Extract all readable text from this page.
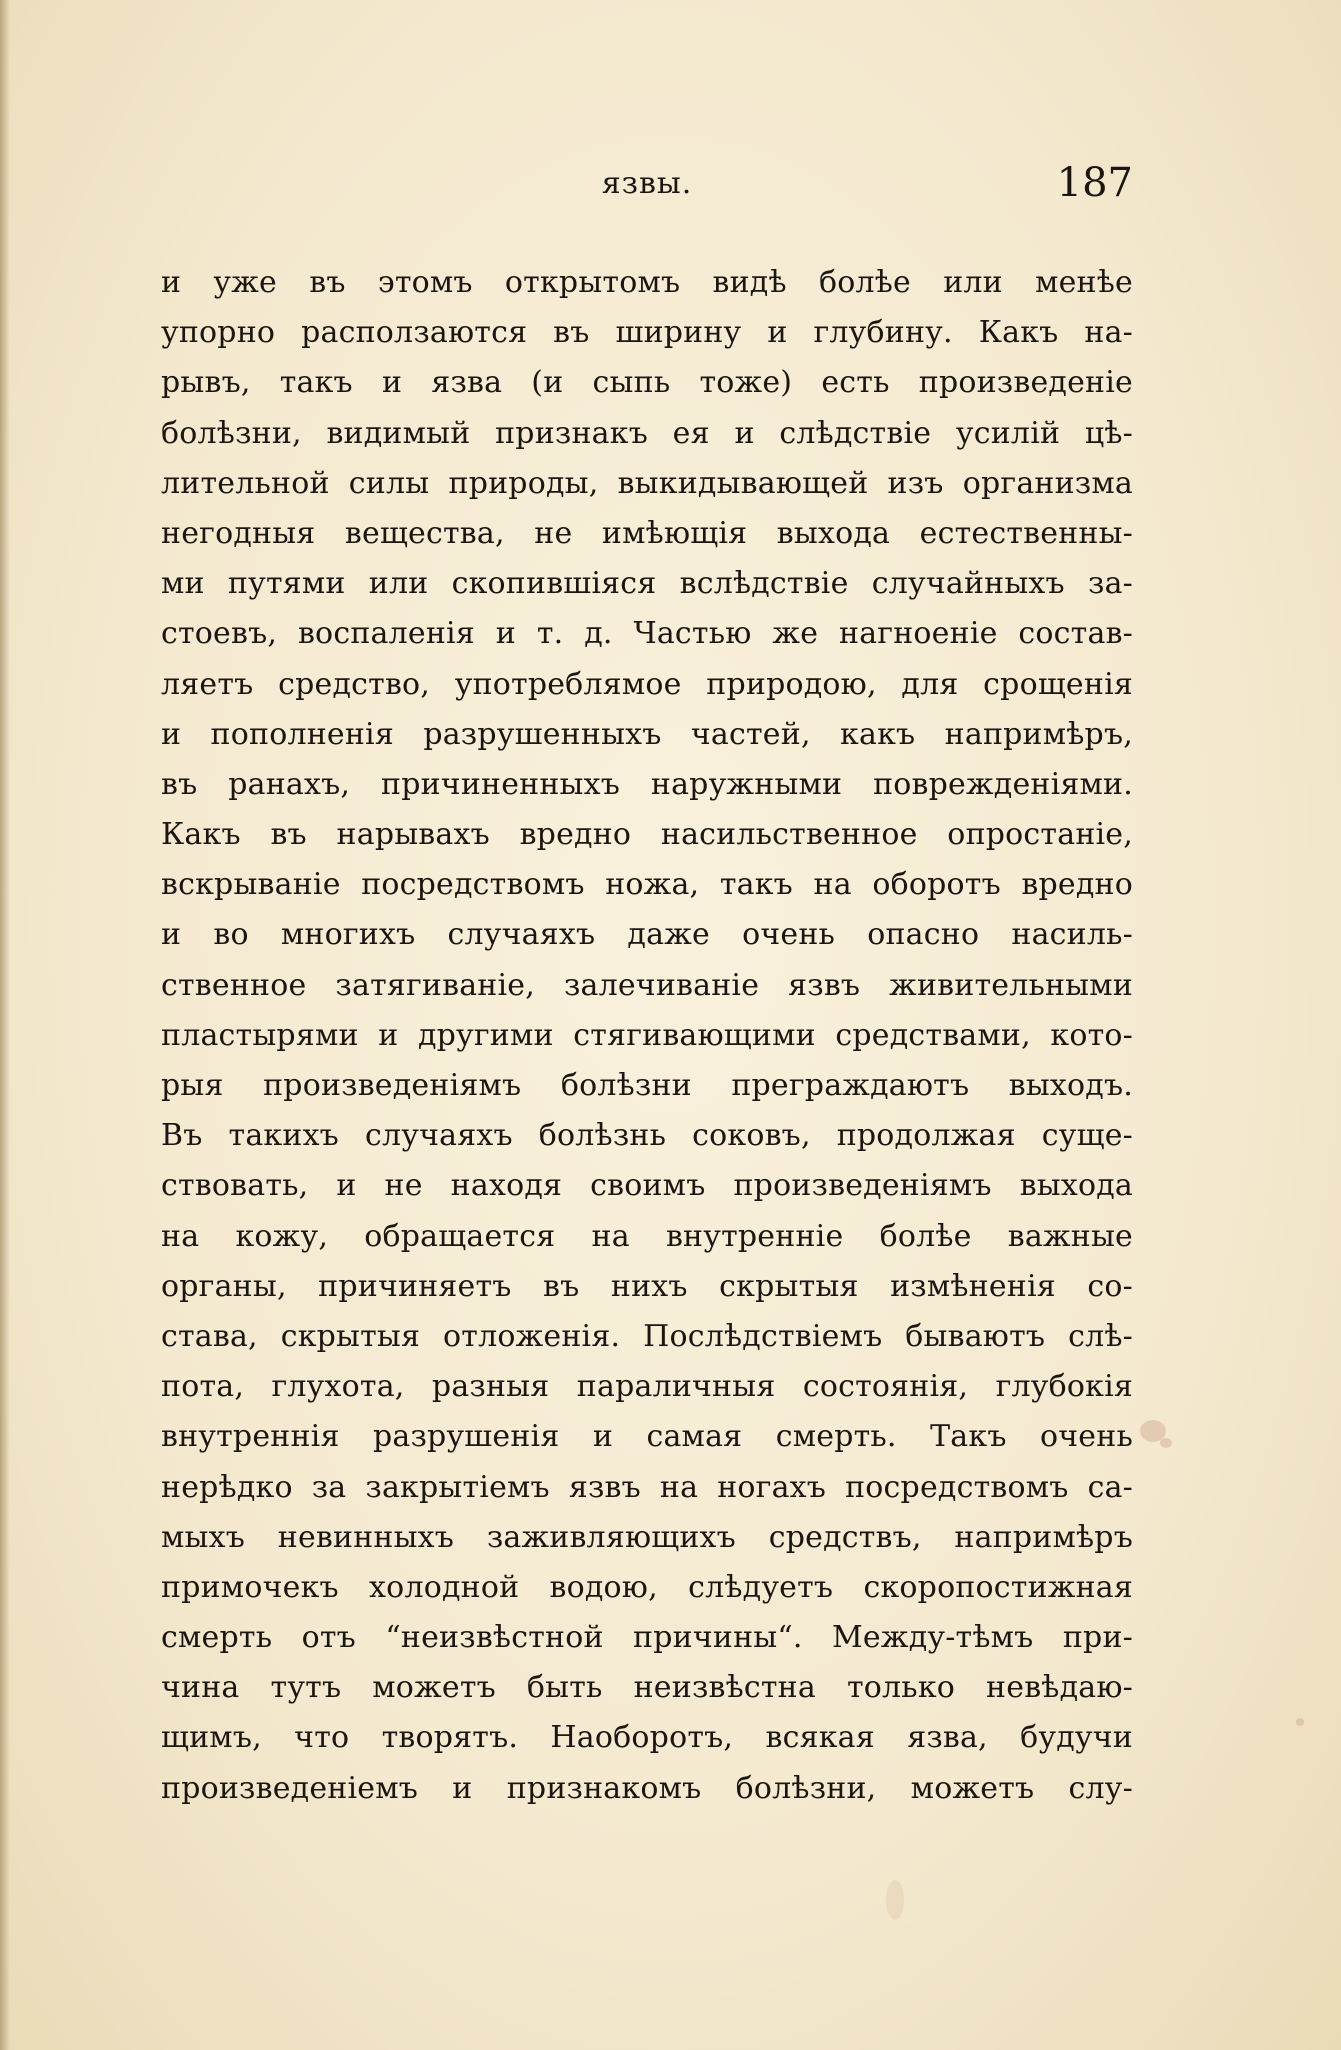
язвы.	187
и уже въ этомъ открытомъ видѣ болѣе или менѣе
упорно расползаются въ ширину и глубину. Какъ на-
рывъ, такъ и язва (и сыпь тоже) есть произведенiе
болѣзни, видимый признакъ ея и слѣдствiе усилiй цѣ-
лительной силы природы, выкидывающей изъ организма
негодныя вещества, не имѣющiя выхода естественны-
ми путями или скопившiяся вслѣдствiе случайныхъ за-
стоевъ, воспаленiя и т. д. Частью же нагноенiе состав-
ляетъ средство, употреблямое природою, для срощенiя
и пополненiя разрушенныхъ частей, какъ напримѣръ,
въ ранахъ, причиненныхъ наружными поврежденiями.
Какъ въ нарывахъ вредно насильственное опростанiе,
вскрыванiе посредствомъ ножа, такъ на оборотъ вредно
и во многихъ случаяхъ даже очень опасно насиль-
ственное затягиванiе, залечиванiе язвъ живительными
пластырями и другими стягивающими средствами, кото-
рыя произведенiямъ болѣзни преграждаютъ выходъ.
Въ такихъ случаяхъ болѣзнь соковъ, продолжая суще-
ствовать, и не находя своимъ произведенiямъ выхода
на кожу, обращается на внутреннiе болѣе важные
органы, причиняетъ въ нихъ скрытыя измѣненiя со-
става, скрытыя отложенiя. Послѣдствiемъ бываютъ слѣ-
пота, глухота, разныя параличныя состоянiя, глубокiя
внутреннiя разрушенiя и самая смерть. Такъ очень
нерѣдко за закрытiемъ язвъ на ногахъ посредствомъ са-
мыхъ невинныхъ заживляющихъ средствъ, напримѣръ
примочекъ холодной водою, слѣдуетъ скоропостижная
смерть отъ “неизвѣстной причины“. Между-тѣмъ при-
чина тутъ можетъ быть неизвѣстна только невѣдаю-
щимъ, что творятъ. Наоборотъ, всякая язва, будучи
произведенiемъ и признакомъ болѣзни, можетъ слу-
